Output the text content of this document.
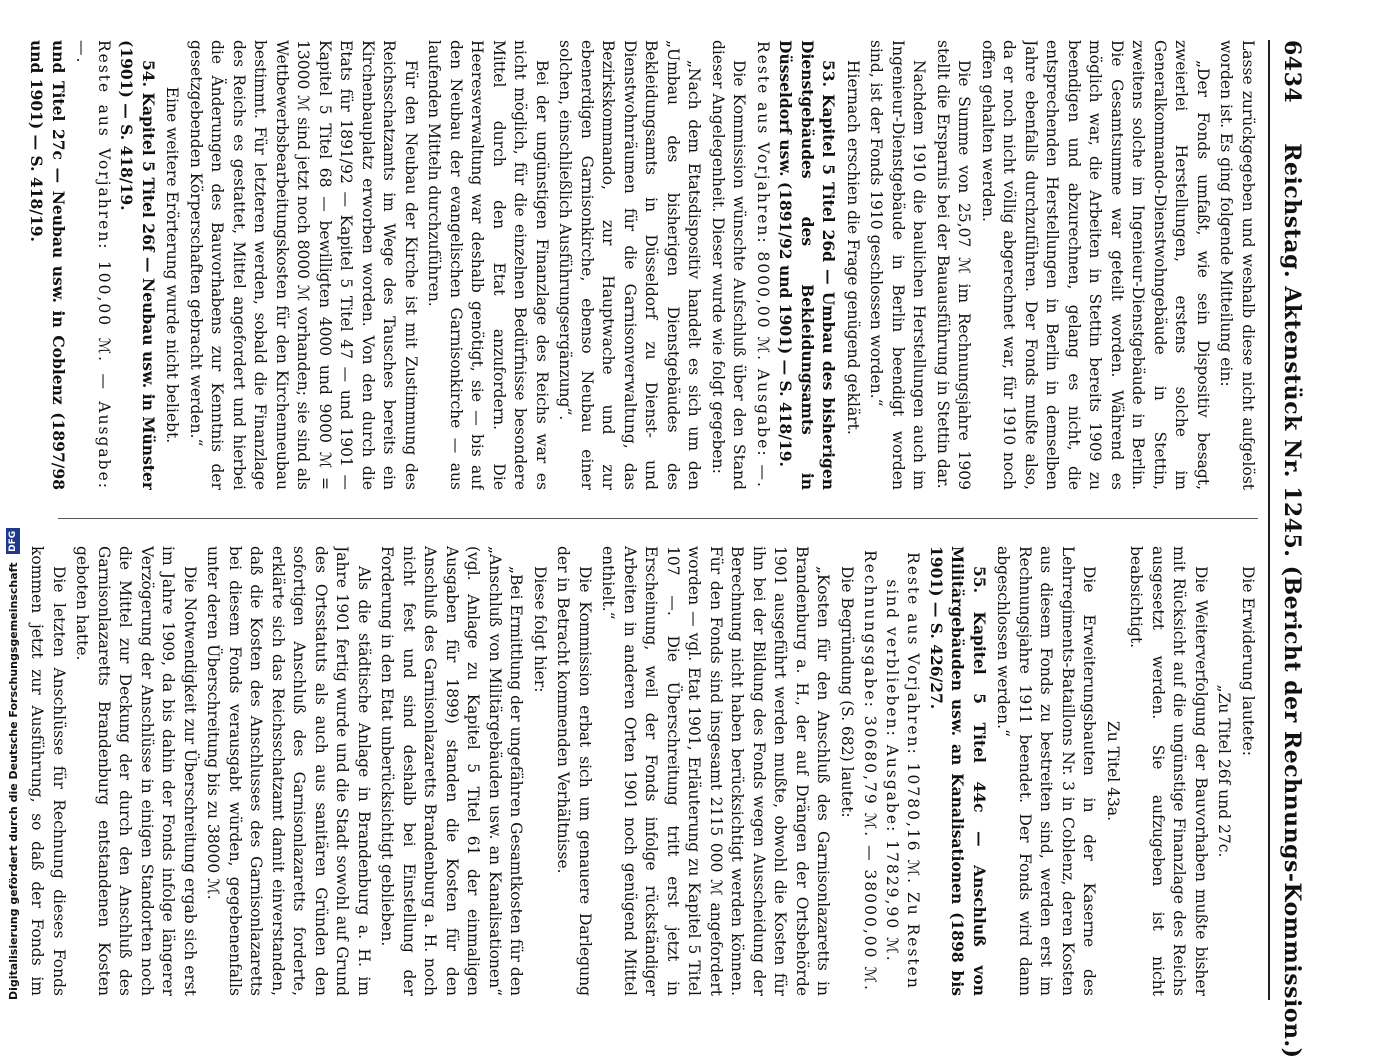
6434
Reichstag. Aktenstück Nr. 1245. (Bericht der Rechnungs-Kommission.)

Lasse zurückgegeben und weshalb diese nicht aufgelöst worden ist. Es ging folgende Mitteilung ein:

„Der Fonds umfaßt, wie sein Dispositiv besagt, zweierlei Herstellungen, erstens solche im Generalkommando-Dienstwohngebäude in Stettin, zweitens solche im Ingenieur-Dienstgebäude in Berlin. Die Gesamtsumme war geteilt worden. Während es möglich war, die Arbeiten in Stettin bereits 1909 zu beendigen und abzurechnen, gelang es nicht, die entsprechenden Herstellungen in Berlin in demselben Jahre ebenfalls durchzuführen. Der Fonds mußte also, da er noch nicht völlig abgerechnet war, für 1910 noch offen gehalten werden.

Die Summe von 25,07 ℳ im Rechnungsjahre 1909 stellt die Ersparnis bei der Bauausführung in Stettin dar.

Nachdem 1910 die baulichen Herstellungen auch im Ingenieur-Dienstgebäude in Berlin beendigt worden sind, ist der Fonds 1910 geschlossen worden.“

Hiernach erschien die Frage genügend geklärt.

53. Kapitel 5 Titel 26d — Umbau des bisherigen Dienstgebäudes des Bekleidungsamts in Düsseldorf usw. (1891/92 und 1901) — S. 418/19.

Reste aus Vorjahren: 8000,00 ℳ. Ausgabe: —.

Die Kommission wünschte Aufschluß über den Stand dieser Angelegenheit. Dieser wurde wie folgt gegeben:

„Nach dem Etatsdispositiv handelt es sich um den „Umbau des bisherigen Dienstgebäudes des Bekleidungsamts in Düsseldorf zu Dienst- und Dienstwohnräumen für die Garnisonverwaltung, das Bezirkskommando, zur Hauptwache und zur ebenerdigen Garnisonkirche, ebenso Neubau einer solchen, einschließlich Ausführungsergänzung“.

Bei der ungünstigen Finanzlage des Reichs war es nicht möglich, für die einzelnen Bedürfnisse besondere Mittel durch den Etat anzufordern. Die Heeresverwaltung war deshalb genötigt, sie — bis auf den Neubau der evangelischen Garnisonkirche — aus laufenden Mitteln durchzuführen.

Für den Neubau der Kirche ist mit Zustimmung des Reichsschatzamts im Wege des Tausches bereits ein Kirchenbauplatz erworben worden. Von den durch die Etats für 1891/92 — Kapitel 5 Titel 47 — und 1901 — Kapitel 5 Titel 68 — bewilligten 4000 und 9000 ℳ = 13000 ℳ sind jetzt noch 8000 ℳ vorhanden; sie sind als Wettbewerbsbearbeitungskosten für den Kirchenneubau bestimmt. Für letzteren werden, sobald die Finanzlage des Reichs es gestattet, Mittel angefordert und hierbei die Änderungen des Bauvorhabens zur Kenntnis der gesetzgebenden Körperschaften gebracht werden.“

Eine weitere Erörterung wurde nicht beliebt.

54. Kapitel 5 Titel 26f — Neubau usw. in Münster (1901) — S. 418/19.

Reste aus Vorjahren: 100,00 ℳ. — Ausgabe: —.

und Titel 27c — Neubau usw. in Coblenz (1897/98 und 1901) — S. 418/19.

Die Erwiderung lautete:

„Zu Titel 26f und 27c.

Die Weiterverfolgung der Bauvorhaben mußte bisher mit Rücksicht auf die ungünstige Finanzlage des Reichs ausgesetzt werden. Sie aufzugeben ist nicht beabsichtigt.

Zu Titel 43a.

Die Erweiterungsbauten in der Kaserne des Lehrregiments-Bataillons Nr. 3 in Coblenz, deren Kosten aus diesem Fonds zu bestreiten sind, werden erst im Rechnungsjahre 1911 beendet. Der Fonds wird dann abgeschlossen werden.“

55. Kapitel 5 Titel 44c — Anschluß von Militärgebäuden usw. an Kanalisationen (1898 bis 1901) — S. 426/27.

Reste aus Vorjahren: 10780,16 ℳ. Zu Resten sind verblieben: Ausgabe: 17829,90 ℳ. Rechnungsgabe: 30680,79 ℳ. — 38000,00 ℳ.

Die Begründung (S. 682) lautet:

„Kosten für den Anschluß des Garnisonlazaretts in Brandenburg a. H., der auf Drängen der Ortsbehörde 1901 ausgeführt werden mußte, obwohl die Kosten für ihn bei der Bildung des Fonds wegen Ausscheidung der Berechnung nicht haben berücksichtigt werden können. Für den Fonds sind insgesamt 2115 000 ℳ angefordert worden — vgl. Etat 1901, Erläuterung zu Kapitel 5 Titel 107 —. Die Überschreitung tritt erst jetzt in Erscheinung, weil der Fonds infolge rückständiger Arbeiten in anderen Orten 1901 noch genügend Mittel enthielt.“

Die Kommission erbat sich um genauere Darlegung der in Betracht kommenden Verhältnisse.

Diese folgt hier:

„Bei Ermittlung der ungefähren Gesamtkosten für den „Anschluß von Militärgebäuden usw. an Kanalisationen“ (vgl. Anlage zu Kapitel 5 Titel 61 der einmaligen Ausgaben für 1899) standen die Kosten für den Anschluß des Garnisonlazaretts Brandenburg a. H. noch nicht fest und sind deshalb bei Einstellung der Forderung in den Etat unberücksichtigt geblieben.

Als die städtische Anlage in Brandenburg a. H. im Jahre 1901 fertig wurde und die Stadt sowohl auf Grund des Ortsstatuts als auch aus sanitären Gründen den sofortigen Anschluß des Garnisonlazaretts forderte, erklärte sich das Reichsschatzamt damit einverstanden, daß die Kosten des Anschlusses des Garnisonlazaretts bei diesem Fonds verausgabt würden, gegebenenfalls unter deren Überschreitung bis zu 38000 ℳ.

Die Notwendigkeit zur Überschreitung ergab sich erst im Jahre 1909, da bis dahin der Fonds infolge längerer Verzögerung der Anschlüsse in einigen Standorten noch die Mittel zur Deckung der durch den Anschluß des Garnisonlazaretts Brandenburg entstandenen Kosten geboten hatte.

Die letzten Anschlüsse für Rechnung dieses Fonds kommen jetzt zur Ausführung, so daß der Fonds im

Digitalisierung gefördert durch die Deutsche Forschungsgemeinschaft
DFG
